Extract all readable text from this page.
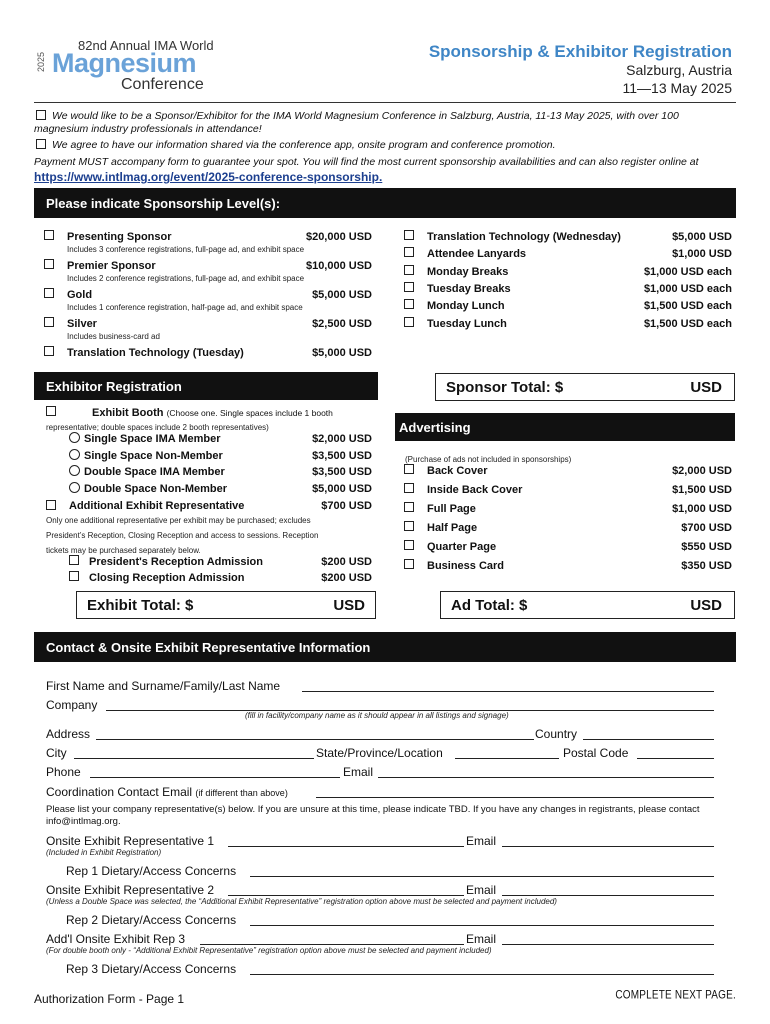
2025
82nd Annual IMA World
Magnesium
Conference
Sponsorship & Exhibitor Registration
Salzburg, Austria
11—13 May 2025
We would like to be a Sponsor/Exhibitor for the IMA World Magnesium Conference in Salzburg, Austria, 11-13 May 2025, with over 100 magnesium industry professionals in attendance!
We agree to have our information shared via the conference app, onsite program and conference promotion.
Payment MUST accompany form to guarantee your spot. You will find the most current sponsorship availabilities and can also register online at
https://www.intlmag.org/event/2025-conference-sponsorship.
Please indicate Sponsorship Level(s):
Presenting Sponsor	$20,000 USD
Includes 3 conference registrations, full-page ad, and exhibit space
Premier Sponsor	$10,000 USD
Includes 2 conference registrations, full-page ad, and exhibit space
Gold	$5,000 USD
Includes 1 conference registration, half-page ad, and exhibit space
Silver	$2,500 USD
Includes business-card ad
Translation Technology (Tuesday)	$5,000 USD
Translation Technology (Wednesday)	$5,000 USD
Attendee Lanyards	$1,000 USD
Monday Breaks	$1,000 USD each
Tuesday Breaks	$1,000 USD each
Monday Lunch	$1,500 USD each
Tuesday Lunch	$1,500 USD each
Sponsor Total: $	USD
Exhibitor Registration
Exhibit Booth (Choose one. Single spaces include 1 booth
representative; double spaces include 2 booth representatives)
Single Space IMA Member	$2,000 USD
Single Space Non-Member	$3,500 USD
Double Space IMA Member	$3,500 USD
Double Space Non-Member	$5,000 USD
Additional Exhibit Representative	$700 USD
Only one additional representative per exhibit may be purchased; excludes
President’s Reception, Closing Reception and access to sessions. Reception
tickets may be purchased separately below.
President's Reception Admission	$200 USD
Closing Reception Admission	$200 USD
Exhibit Total: $	USD
Advertising
(Purchase of ads not included in sponsorships)
Back Cover	$2,000 USD
Inside Back Cover	$1,500 USD
Full Page	$1,000 USD
Half Page	$700 USD
Quarter Page	$550 USD
Business Card	$350 USD
Ad Total: $	USD
Contact & Onsite Exhibit Representative Information
First Name and Surname/Family/Last Name
Company
(fill in facility/company name as it should appear in all listings and signage)
Address	Country
City	State/Province/Location	Postal Code
Phone	Email
Coordination Contact Email (if different than above)
Please list your company representative(s) below. If you are unsure at this time, please indicate TBD. If you have any changes in registrants, please contact info@intlmag.org.
Onsite Exhibit Representative 1	Email
(Included in Exhibit Registration)
Rep 1 Dietary/Access Concerns
Onsite Exhibit Representative 2	Email
(Unless a Double Space was selected, the “Additional Exhibit Representative” registration option above must be selected and payment included)
Rep 2 Dietary/Access Concerns
Add'l Onsite Exhibit Rep 3	Email
(For double booth only - “Additional Exhibit Representative” registration option above must be selected and payment included)
Rep 3 Dietary/Access Concerns
Authorization Form - Page 1	COMPLETE NEXT PAGE.
